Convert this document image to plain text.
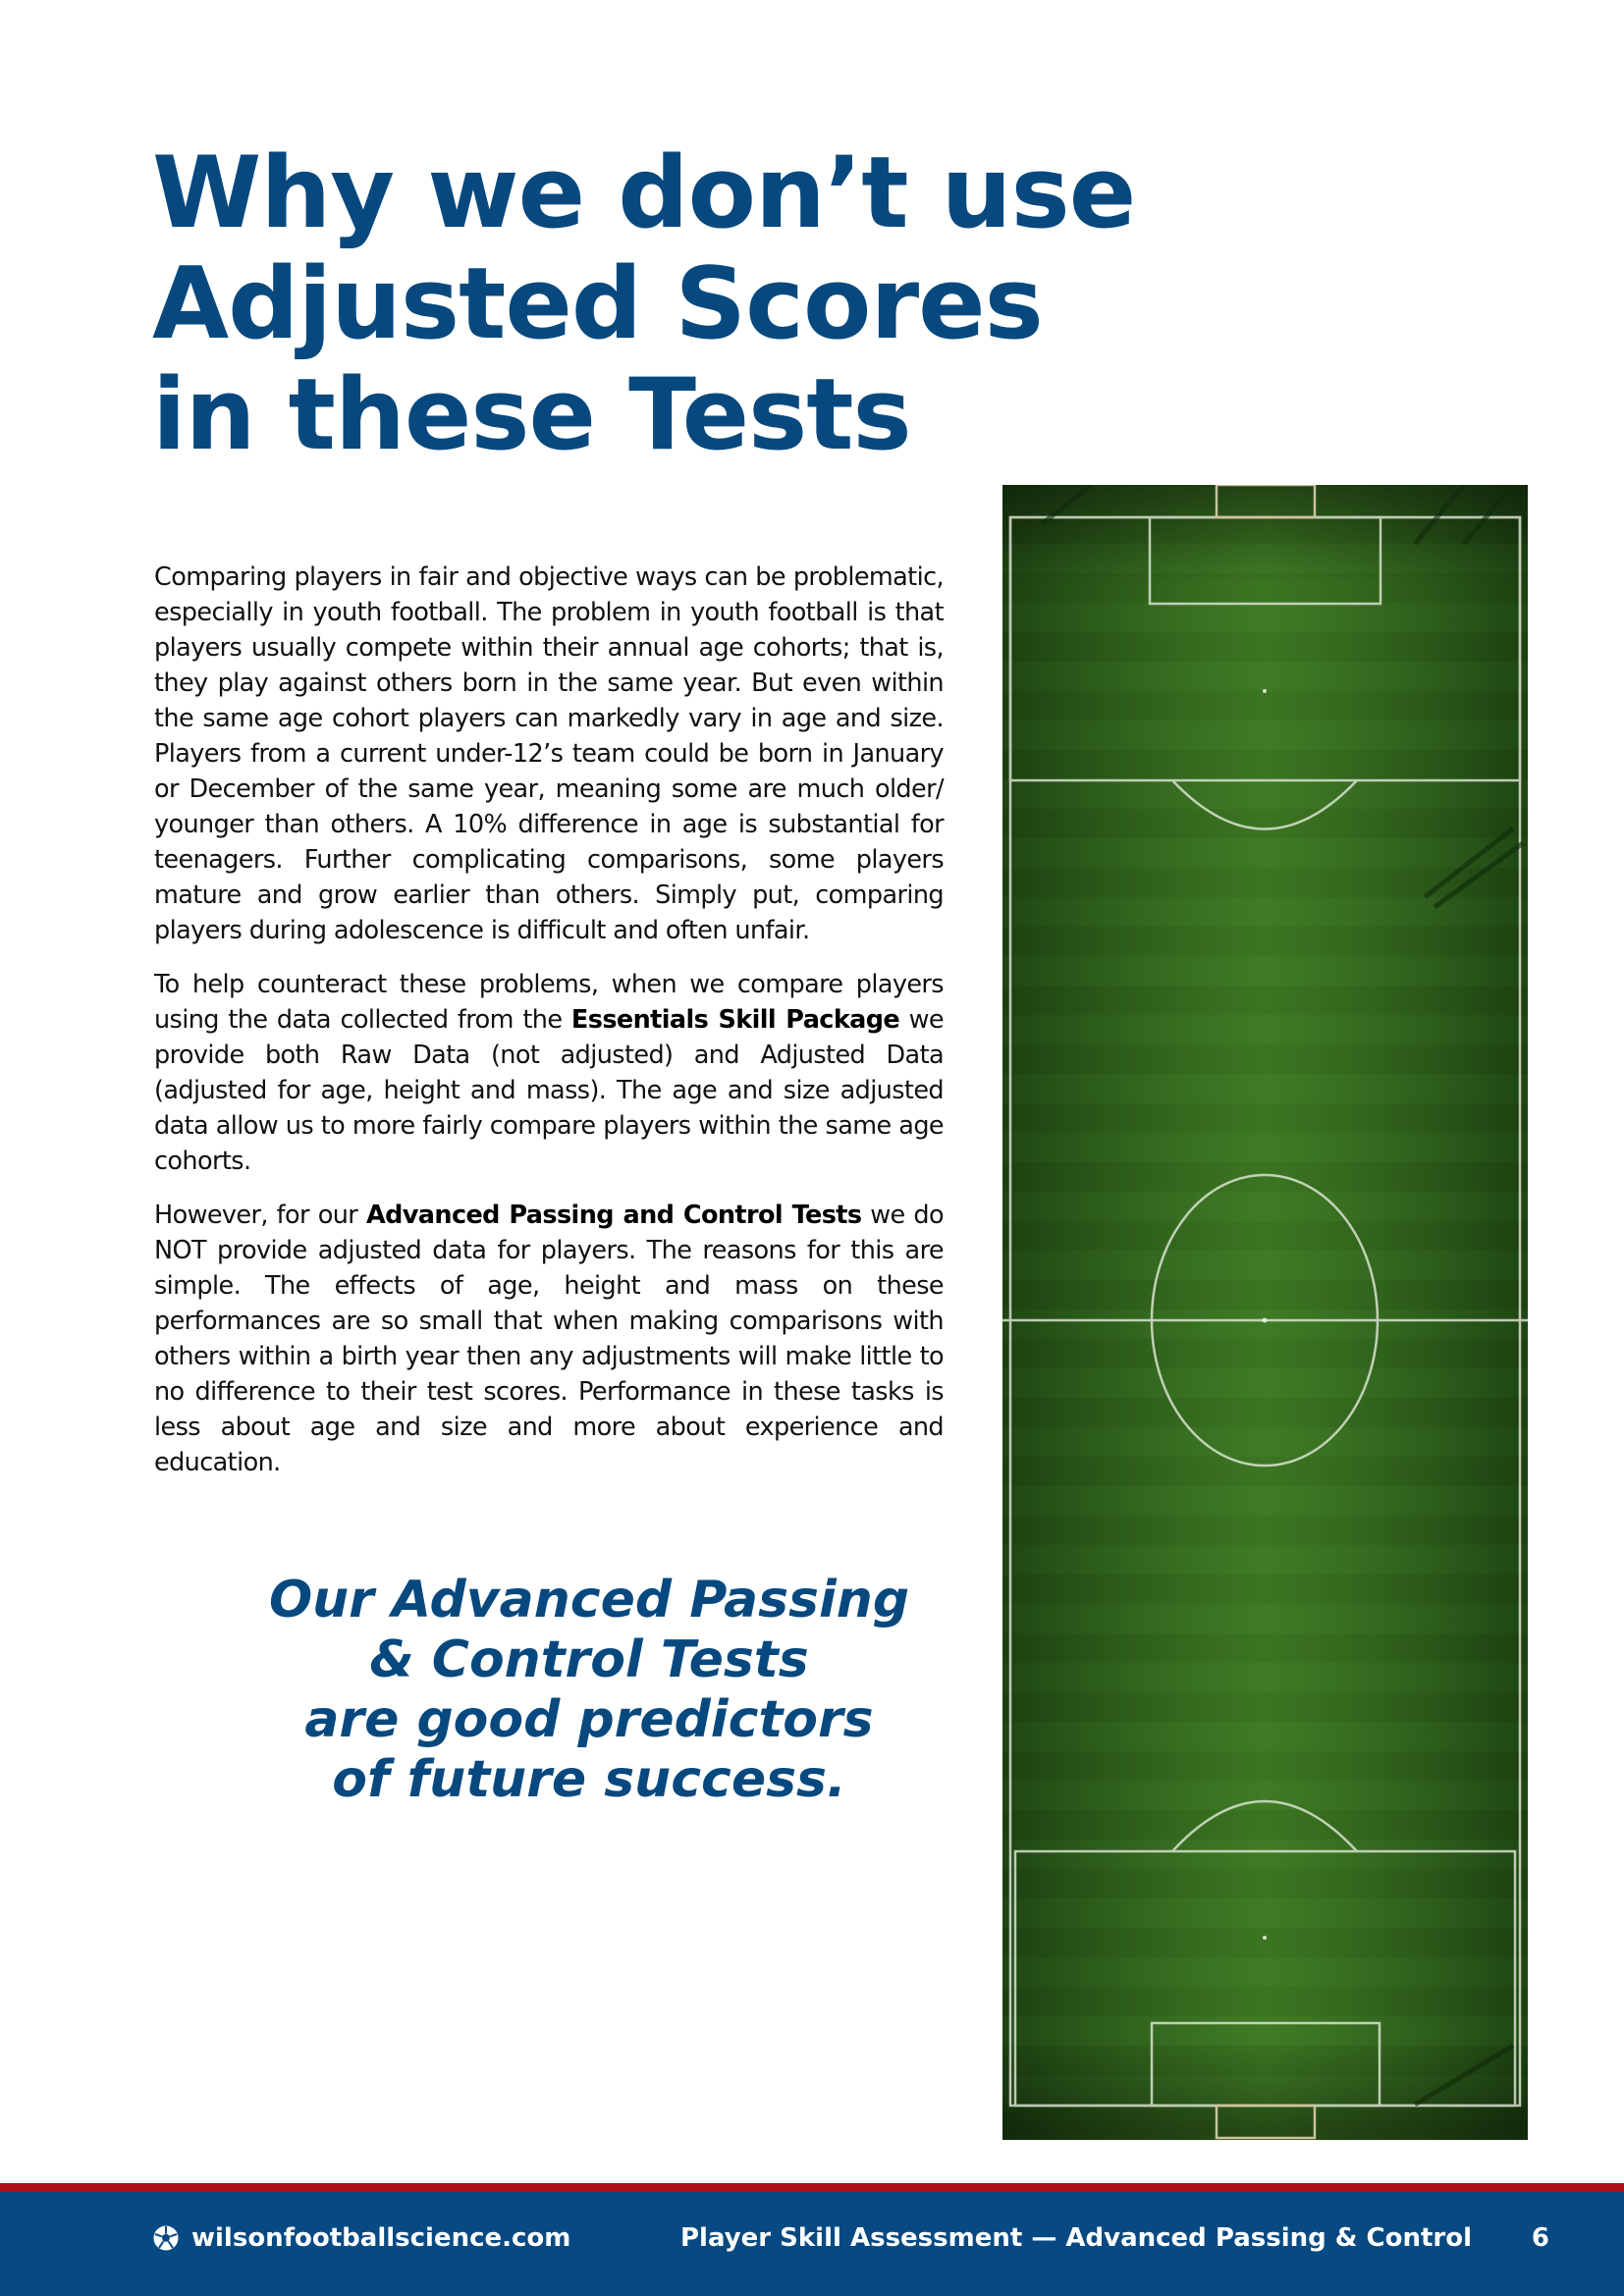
Why we don’t use
Adjusted Scores
in these Tests

Comparing players in fair and objective ways can be problematic, especially in youth football. The problem in youth football is that players usually compete within their annual age cohorts; that is, they play against others born in the same year. But even within the same age cohort players can markedly vary in age and size. Players from a current under-12’s team could be born in January or December of the same year, meaning some are much older/ younger than others. A 10% difference in age is substantial for teenagers. Further complicating comparisons, some players mature and grow earlier than others. Simply put, comparing players during adolescence is difficult and often unfair.

To help counteract these problems, when we compare players using the data collected from the Essentials Skill Package we provide both Raw Data (not adjusted) and Adjusted Data (adjusted for age, height and mass). The age and size adjusted data allow us to more fairly compare players within the same age cohorts.

However, for our Advanced Passing and Control Tests we do NOT provide adjusted data for players. The reasons for this are simple. The effects of age, height and mass on these performances are so small that when making comparisons with others within a birth year then any adjustments will make little to no difference to their test scores. Performance in these tasks is less about age and size and more about experience and education.

Our Advanced Passing
& Control Tests
are good predictors
of future success.
wilsonfootballscience.com	Player Skill Assessment — Advanced Passing & Control 6
